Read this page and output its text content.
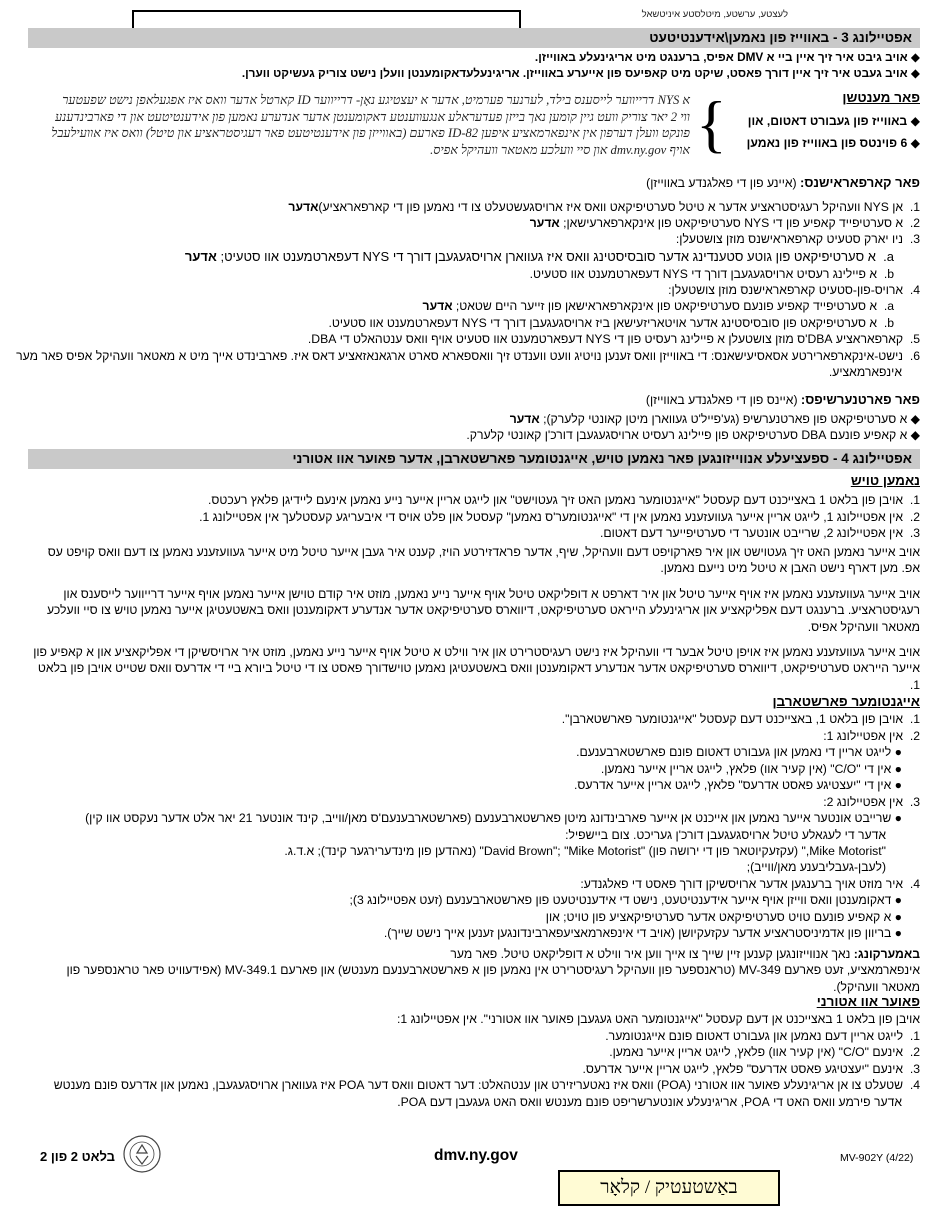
לעצטע, ערשטע, מיטלסטע איניטשאל
אפטיילונג 3 - באווייז פון נאמען\אידענטיטעט
◆ אויב גיבט איר זיך איין ביי א DMV אפיס, ברענגט מיט אריגינעלע באווייזן.
◆ אויב געבט איר זיך איין דורך פאסט, שיקט מיט קאפיעס פון אייערע באווייזן. אריגינעלעדאקומענטן וועלן נישט צוריק געשיקט ווערן.
פאר מענטשן
◆ באווייז פון געבורט דאטום, און
◆ 6 פוינטס פון באווייז פון נאמען
{
א NYS דרייווער לייסענס בילד, לערנער פערמיט, אדער א יעצטיגע נאָן- דרייווער ID קארטל אדער וואס איז אפגעלאפן נישט שפעטער
ווי 2 יאר צוריק וועט גיין קומען נאך בייזן פעדעראלע אנגעווענטע דאקומענטן אדער אנדערע נאמען פון אידענטיטעט און די פארבינדענע
פונקט וועלן דערפון אין אינפארמאציע איפען ID-82 פארעם (באווייזן פון אידענטיטעט פאר רעגיסטראציע און טיטל) וואס איז אוועילעבל
אויף dmv.ny.gov און סיי וועלכע מאטאר וועהיקל אפיס.
פאר קארפאראישנס: (איינע פון די פאלגנדע באווייזן)
1.  אן NYS וועהיקל רעגיסטראציע אדער א טיטל סערטיפיקאט וואס איז ארויסגעשטעלט צו די נאמען פון די קארפאראציע)אדער
2.  א סערטיפייד קאפיע פון די NYS סערטיפיקאט פון אינקארפארעישאן; אדער
3.  ניו יארק סטעיט קארפאראישנס מוזן צושטעלן:
a.  א סערטיפיקאט פון גוטע סטענדינג אדער סובסיסטינג וואס איז געווארן ארויסגעגעבן דורך די NYS דעפארטמענט אוו סטעיט; אדער
b.  א פיילינג רעסיט ארויסגעגעבן דורך די NYS דעפארטמענט אוו סטעיט.
4.  ארויס-פון-סטעיט קארפאראישנס מוזן צושטעלן:
a.  א סערטיפייד קאפיע פונעם סערטיפיקאט פון אינקארפאראישאן פון זייער היים שטאט; אדער
b.  א סערטיפיקאט פון סובסיסטינג אדער אויטאריזעישאן ביז ארויסגעגעבן דורך די NYS דעפארטמענט אוו סטעיט.
5.  קארפאראציע DBA'ס מוזן צושטעלן א פיילינג רעסיט פון די NYS דעפארטמענט אוו סטעיט אויף וואס ענטהאלט די DBA.
6.  נישט-אינקארפארירטע אסאסיעישאנס: די באווייזן וואס זענען נויטיג וועט ווענדט זיך וואספארא סארט ארגאנאזאציע דאס איז. פארבינדט אייך מיט א מאטאר וועהיקל אפיס פאר מער
אינפארמאציע.
פאר פארטנערשיפס: (איינס פון די פאלגנדע באווייזן)
◆ א סערטיפיקאט פון פארטנערשיפ (גע'פייל'ט געווארן מיטן קאונטי קלערק); אדער
◆ א קאפיע פונעם DBA סערטיפיקאט פון פיילינג רעסיט ארויסגעגעבן דורכ'ן קאונטי קלערק.
אפטיילונג 4 - ספעציעלע אנווייזונגען פאר נאמען טויש, אייגנטומער פארשטארבן, אדער פאוער אוו אטורני
נאמען טויש
1.  אויבן פון בלאט 1 באצייכנט דעם קעסטל "אייגנטומער נאמען האט זיך געטוישט" און לייגט אריין אייער נייע נאמען אינעם ליידיגן פלאץ רעכטס.
2.  אין אפטיילונג 1, לייגט אריין אייער געוועזענע נאמען אין די "אייגנטומער'ס נאמען" קעסטל און פלט אויס די איבעריגע קעסטלעך אין אפטיילונג 1.
3.  אין אפטיילונג 2, שרייבט אונטער די סערטיפייער דעם דאטום.
אויב אייער נאמען האט זיך געטוישט און איר פארקויפט דעם וועהיקל, שיף, אדער פראדזירטע הויז, קענט איר געבן אייער טיטל מיט אייער געוועזענע נאמען צו דעם וואס קויפט עס אפ. מען דארף נישט האבן א טיטל מיט נייעם נאמען.
אויב אייער געוועזענע נאמען איז אויף אייער טיטל און איר דארפט א דופליקאט טיטל אויף אייער נייע נאמען, מוזט איר קודם טוישן אייער נאמען אויף אייער דרייווער לייסענס און רעגיסטראציע. ברענגט דעם אפליקאציע און אריגינעלע הייראט סערטיפיקאט, דיווארס סערטיפיקאט אדער אנדערע דאקומענטן וואס באשטעטיגן אייער נאמען טויש צו סיי וועלכע מאטאר וועהיקל אפיס.
אויב אייער געוועזענע נאמען איז אויפן טיטל אבער די וועהיקל איז נישט רעגיסטרירט און איר ווילט א טיטל אויף אייער נייע נאמען, מוזט איר ארויסשיקן די אפליקאציע און א קאפיע פון אייער הייראט סערטיפיקאט, דיווארס סערטיפיקאט אדער אנדערע דאקומענטן וואס באשטעטיגן נאמען טוישדורך פאסט צו די טיטל ביורא ביי די אדרעס וואס שטייט אויבן פון בלאט 1.
אייגנטומער פארשטארבן
1.  אויבן פון בלאט 1, באצייכנט דעם קעסטל "אייגנטומער פארשטארבן".
2.  אין אפטיילונג 1:
● לייגט אריין די נאמען און געבורט דאטום פונם פארשטארבענעם.
● אין די "C/O" (אין קעיר אוו) פלאץ, לייגט אריין אייער נאמען.
● אין די "יעצטיגע פאסט אדרעס" פלאץ, לייגט אריין אייער אדרעס.
3.  אין אפטיילונג 2:
● שרייבט אונטער אייער נאמען און אייכנט אן אייער פארבינדונג מיטן פארשטארבענעם (פארשטארבענעם'ס מאן/ווייב, קינד אונטער 21 יאר אלט אדער נעקסט אוו קין)
אדער די לעגאלע טיטל ארויסגעגעבן דורכ'ן געריכט. צום ביישפיל:
"Mike Motorist," (עקזעקיוטאר פון די ירושה פון) "David Brown"; "Mike Motorist" (נאהדען פון מינדערירגער קינד); א.ד.ג.
(לעבן-געבליבענע מאן/ווייב);
4.  איר מוזט אויך ברענגען אדער ארויסשיקן דורך פאסט די פאלגנדע:
● דאקומענטן וואס ווייזן אויף אייער אידענטיטעט, נישט די אידענטיטעט פון פארשטארבענעם (זעט אפטיילונג 3);
● א קאפיע פונעם טויט סערטיפיקאט אדער סערטיפיקאציע פון טויט; און
● בריוון פון אדמיניסטראציע אדער עקזעקיושן (אויב די אינפארמאציעפארבינדונגען זענען אייך נישט שייך).
באמערקונג: נאך אנווייזונגען קענען זיין שייך צו אייך ווען איר ווילט א דופליקאט טיטל. פאר מער
אינפארמאציע, זעט פארעם MV-349 (טראנספער פון וועהיקל רעגיסטרירט אין נאמען פון א פארשטארבענעם מענטש) און פארעם MV-349.1 (אפידעוויט פאר טראנספער פון
מאטאר וועהיקל).
פאוער אוו אטורני
אויבן פון בלאט 1 באצייכנט אן דעם קעסטל "אייגנטומער האט געגעבן פאוער אוו אטורני". אין אפטיילונג 1:
1.  לייגט אריין דעם נאמען און געבורט דאטום פונם אייגנטומער.
2.  אינעם "C/O" (אין קעיר אוו) פלאץ, לייגט אריין אייער נאמען.
3.  אינעם "יעצטיגע פאסט אדרעס" פלאץ, לייגט אריין אייער אדרעס.
4.  שטעלט צו אן אריגינעלע פאוער אוו אטורני (POA) וואס איז נאטעריזירט און ענטהאלט: דער דאטום וואס דער POA איז געווארן ארויסגעגעבן, נאמען און אדרעס פונם מענטש
אדער פירמע וואס האט די POA, אריגינעלע אונטערשריפט פונם מענטש וואס האט געגעבן דעם POA.
בלאט 2 פון 2	dmv.ny.gov	MV-902Y (4/22)
באַשטעטיק / קלאָר
